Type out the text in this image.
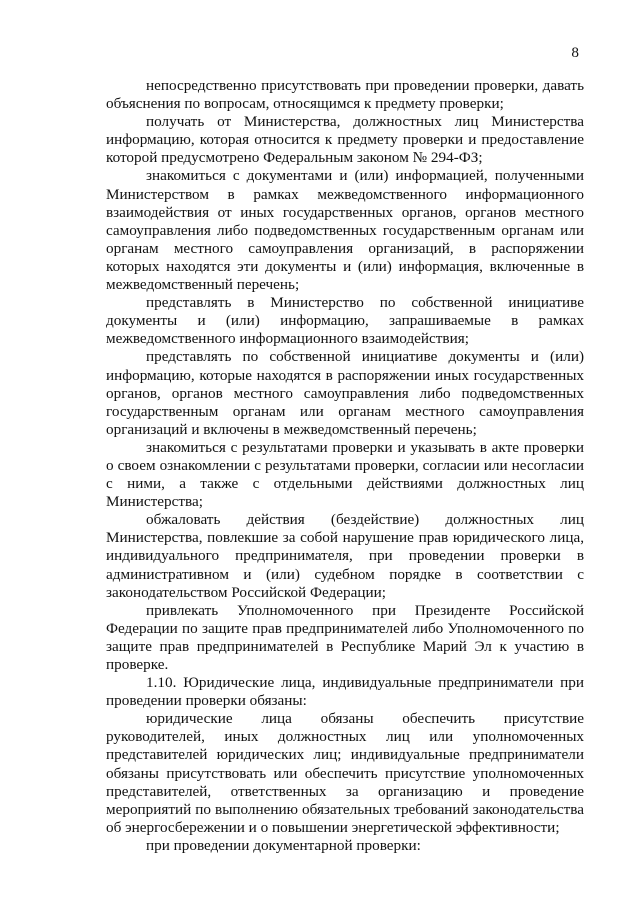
8

непосредственно присутствовать при проведении проверки, давать объяснения по вопросам, относящимся к предмету проверки;

получать от Министерства, должностных лиц Министерства информацию, которая относится к предмету проверки и предоставление которой предусмотрено Федеральным законом № 294-ФЗ;

знакомиться с документами и (или) информацией, полученными Министерством в рамках межведомственного информационного взаимодействия от иных государственных органов, органов местного самоуправления либо подведомственных государственным органам или органам местного самоуправления организаций, в распоряжении которых находятся эти документы и (или) информация, включенные в межведомственный перечень;

представлять в Министерство по собственной инициативе документы и (или) информацию, запрашиваемые в рамках межведомственного информационного взаимодействия;

представлять по собственной инициативе документы и (или) информацию, которые находятся в распоряжении иных государственных органов, органов местного самоуправления либо подведомственных государственным органам или органам местного самоуправления организаций и включены в межведомственный перечень;

знакомиться с результатами проверки и указывать в акте проверки о своем ознакомлении с результатами проверки, согласии или несогласии с ними, а также с отдельными действиями должностных лиц Министерства;

обжаловать действия (бездействие) должностных лиц Министерства, повлекшие за собой нарушение прав юридического лица, индивидуального предпринимателя, при проведении проверки в административном и (или) судебном порядке в соответствии с законодательством Российской Федерации;

привлекать Уполномоченного при Президенте Российской Федерации по защите прав предпринимателей либо Уполномоченного по защите прав предпринимателей в Республике Марий Эл к участию в проверке.

1.10. Юридические лица, индивидуальные предприниматели при проведении проверки обязаны:

юридические лица обязаны обеспечить присутствие руководителей, иных должностных лиц или уполномоченных представителей юридических лиц; индивидуальные предприниматели обязаны присутствовать или обеспечить присутствие уполномоченных представителей, ответственных за организацию и проведение мероприятий по выполнению обязательных требований законодательства об энергосбережении и о повышении энергетической эффективности;

при проведении документарной проверки:
